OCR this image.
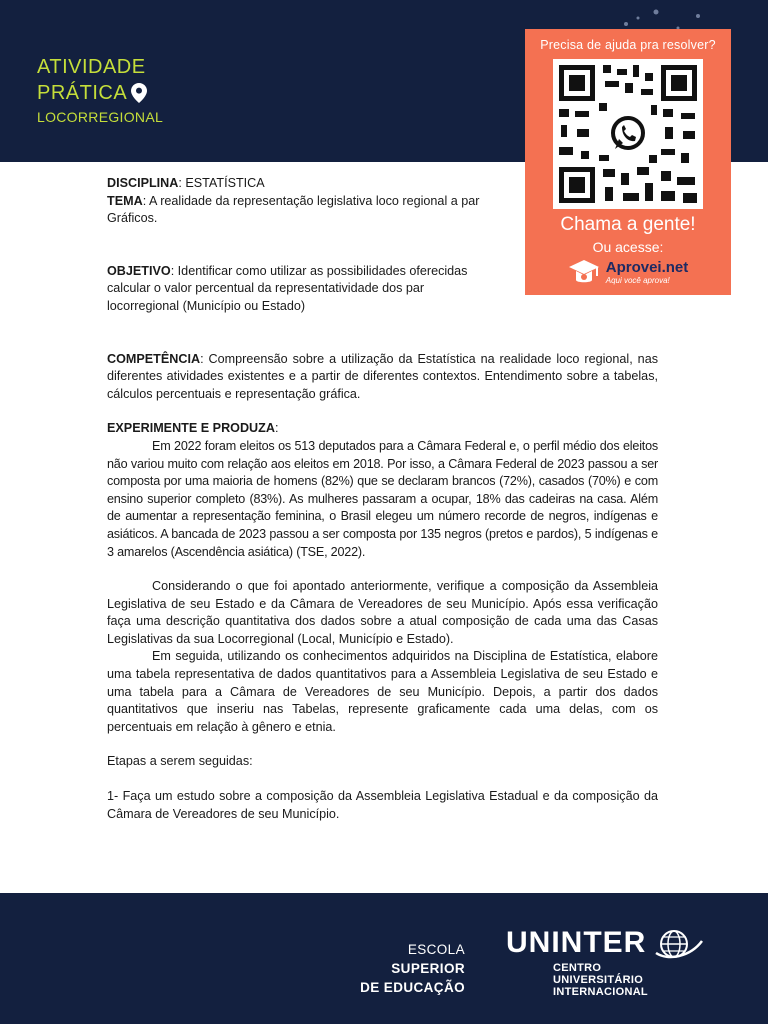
ATIVIDADE
PRÁTICA
LOCORREGIONAL
Precisa de ajuda pra resolver?
Chama a gente!
Ou acesse:
Aprovei.net
Aqui você aprova!

DISCIPLINA: ESTATÍSTICA

TEMA: A realidade da representação legislativa loco regional a par

Gráficos.

OBJETIVO: Identificar como utilizar as possibilidades oferecidas

calcular o valor percentual da representatividade dos par

locorregional (Município ou Estado)

COMPETÊNCIA: Compreensão sobre a utilização da Estatística na realidade loco regional, nas diferentes atividades existentes e a partir de diferentes contextos. Entendimento sobre a tabelas, cálculos percentuais e representação gráfica.

EXPERIMENTE E PRODUZA:

Em 2022 foram eleitos os 513 deputados para a Câmara Federal e, o perfil médio dos eleitos não variou muito com relação aos eleitos em 2018. Por isso, a Câmara Federal de 2023 passou a ser composta por uma maioria de homens (82%) que se declaram brancos (72%), casados (70%) e com ensino superior completo (83%). As mulheres passaram a ocupar, 18% das cadeiras na casa. Além de aumentar a representação feminina, o Brasil elegeu um número recorde de negros, indígenas e asiáticos. A bancada de 2023 passou a ser composta por 135 negros (pretos e pardos), 5 indígenas e 3 amarelos (Ascendência asiática) (TSE, 2022).

Considerando o que foi apontado anteriormente, verifique a composição da Assembleia Legislativa de seu Estado e da Câmara de Vereadores de seu Município. Após essa verificação faça uma descrição quantitativa dos dados sobre a atual composição de cada uma das Casas Legislativas da sua Locorregional (Local, Município e Estado).

Em seguida, utilizando os conhecimentos adquiridos na Disciplina de Estatística, elabore uma tabela representativa de dados quantitativos para a Assembleia Legislativa de seu Estado e uma tabela para a Câmara de Vereadores de seu Município. Depois, a partir dos dados quantitativos que inseriu nas Tabelas, represente graficamente cada uma delas, com os percentuais em relação à gênero e etnia.

Etapas a serem seguidas:

1- Faça um estudo sobre a composição da Assembleia Legislativa Estadual e da composição da Câmara de Vereadores de seu Município.

ESCOLA SUPERIOR
DE EDUCAÇÃO
UNINTER
CENTRO
UNIVERSITÁRIO
INTERNACIONAL
